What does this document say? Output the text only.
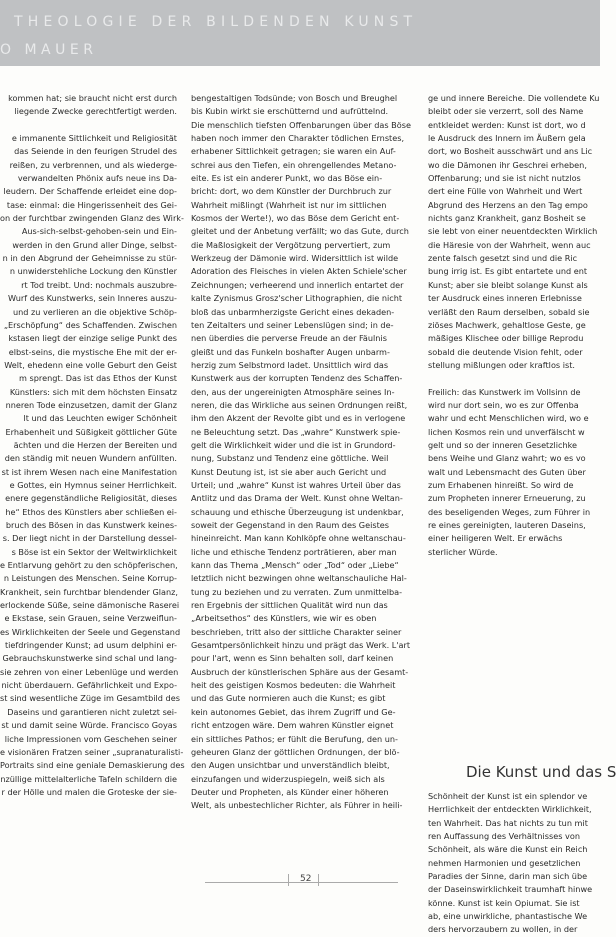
THEOLOGIE DER BILDENDEN KUNST
O MAUER
kommen hat; sie braucht nicht erst durch
liegende Zwecke gerechtfertigt werden.

e immanente Sittlichkeit und Religiosität
das Seiende in den feurigen Strudel des
reißen, zu verbrennen, und als wiederge-
verwandelten Phönix aufs neue ins Da-
leudern. Der Schaffende erleidet eine dop-
tase: einmal: die Hingerissenheit des Gei-
on der furchtbar zwingenden Glanz des Wirk-
Aus-sich-selbst-gehoben-sein und Ein-
werden in den Grund aller Dinge, selbst-
n in den Abgrund der Geheimnisse zu stür-
n unwiderstehliche Lockung den Künstler
rt Tod treibt. Und: nochmals auszubre-
Wurf des Kunstwerks, sein Inneres auszu-
und zu verlieren an die objektive Schöp-
„Erschöpfung“ des Schaffenden. Zwischen
kstasen liegt der einzige selige Punkt des
elbst-seins, die mystische Ehe mit der er-
Welt, ehedenn eine volle Geburt den Geist
m sprengt. Das ist das Ethos der Kunst
Künstlers: sich mit dem höchsten Einsatz
nneren Tode einzusetzen, damit der Glanz
lt und das Leuchten ewiger Schönheit
Erhabenheit und Süßigkeit göttlicher Güte
ächten und die Herzen der Bereiten und
den ständig mit neuen Wundern anfüllten.
st ist ihrem Wesen nach eine Manifestation
e Gottes, ein Hymnus seiner Herrlichkeit.
enere gegenständliche Religiosität, dieses
he“ Ethos des Künstlers aber schließen ei-
bruch des Bösen in das Kunstwerk keines-
s. Der liegt nicht in der Darstellung dessel-
s Böse ist ein Sektor der Weltwirklichkeit
e Entlarvung gehört zu den schöpferischen,
n Leistungen des Menschen. Seine Korrup-
Krankheit, sein furchtbar blendender Glanz,
erlockende Süße, seine dämonische Raserei
e Ekstase, sein Grauen, seine Verzweiflun-
es Wirklichkeiten der Seele und Gegenstand
tiefdringender Kunst; ad usum delphini er-
Gebrauchskunstwerke sind schal und lang-
sie zehren von einer Lebenlüge und werden
nicht überdauern. Gefährlichkeit und Expo-
st sind wesentliche Züge im Gesamtbild des
Daseins und garantieren nicht zuletzt sei-
st und damit seine Würde. Francisco Goyas
liche Impressionen vom Geschehen seiner
e visionären Fratzen seiner „supranaturalisti-
Portraits sind eine geniale Demaskierung des
nzüllige mittelalterliche Tafeln schildern die
r der Hölle und malen die Groteske der sie-
bengestaltigen Todsünde; von Bosch und Breughel
bis Kubin wirkt sie erschütternd und aufrüttelnd.
Die menschlich tiefsten Offenbarungen über das Böse
haben noch immer den Charakter tödlichen Ernstes,
erhabener Sittlichkeit getragen; sie waren ein Auf-
schrei aus den Tiefen, ein ohrengellendes Metano-
eite. Es ist ein anderer Punkt, wo das Böse ein-
bricht: dort, wo dem Künstler der Durchbruch zur
Wahrheit mißlingt (Wahrheit ist nur im sittlichen
Kosmos der Werte!), wo das Böse dem Gericht ent-
gleitet und der Anbetung verfällt; wo das Gute, durch
die Maßlosigkeit der Vergötzung pervertiert, zum
Werkzeug der Dämonie wird. Widersittlich ist wilde
Adoration des Fleisches in vielen Akten Schiele'scher
Zeichnungen; verheerend und innerlich entartet der
kalte Zynismus Grosz'scher Lithographien, die nicht
bloß das unbarmherzigste Gericht eines dekaden-
ten Zeitalters und seiner Lebenslügen sind; in de-
nen überdies die perverse Freude an der Fäulnis
gleißt und das Funkeln boshafter Augen unbarm-
herzig zum Selbstmord ladet. Unsittlich wird das
Kunstwerk aus der korrupten Tendenz des Schaffen-
den, aus der ungereinigten Atmosphäre seines In-
neren, die das Wirkliche aus seinen Ordnungen reißt,
ihm den Akzent der Revolte gibt und es in verlogene
ne Beleuchtung setzt. Das „wahre“ Kunstwerk spie-
gelt die Wirklichkeit wider und die ist in Grundord-
nung, Substanz und Tendenz eine göttliche. Weil
Kunst Deutung ist, ist sie aber auch Gericht und
Urteil; und „wahre“ Kunst ist wahres Urteil über das
Antlitz und das Drama der Welt. Kunst ohne Weltan-
schauung und ethische Überzeugung ist undenkbar,
soweit der Gegenstand in den Raum des Geistes
hineinreicht. Man kann Kohlköpfe ohne weltanschau-
liche und ethische Tendenz porträtieren, aber man
kann das Thema „Mensch“ oder „Tod“ oder „Liebe“
letztlich nicht bezwingen ohne weltanschauliche Hal-
tung zu beziehen und zu verraten. Zum unmittelba-
ren Ergebnis der sittlichen Qualität wird nun das
„Arbeitsethos“ des Künstlers, wie wir es oben
beschrieben, tritt also der sittliche Charakter seiner
Gesamtpersönlichkeit hinzu und prägt das Werk. L'art
pour l'art, wenn es Sinn behalten soll, darf keinen
Ausbruch der künstlerischen Sphäre aus der Gesamt-
heit des geistigen Kosmos bedeuten: die Wahrheit
und das Gute normieren auch die Kunst; es gibt
kein autonomes Gebiet, das ihrem Zugriff und Ge-
richt entzogen wäre. Dem wahren Künstler eignet
ein sittliches Pathos; er fühlt die Berufung, den un-
geheuren Glanz der göttlichen Ordnungen, der blö-
den Augen unsichtbar und unverständlich bleibt,
einzufangen und widerzuspiegeln, weiß sich als
Deuter und Propheten, als Künder einer höheren
Welt, als unbestechlicher Richter, als Führer in heili-
ge und innere Bereiche. Die vollendete Ku
bleibt oder sie verzerrt, soll des Name
entkleidet werden: Kunst ist dort, wo d
le Ausdruck des Innern im Äußern gela
dort, wo Bosheit ausschwärt und ans Lic
wo die Dämonen ihr Geschrei erheben,
Offenbarung; und sie ist nicht nutzlos
dert eine Fülle von Wahrheit und Wert
Abgrund des Herzens an den Tag empo
nichts ganz Krankheit, ganz Bosheit se
sie lebt von einer neuentdeckten Wirklich
die Häresie von der Wahrheit, wenn auc
zente falsch gesetzt sind und die Ric
bung irrig ist. Es gibt entartete und ent
Kunst; aber sie bleibt solange Kunst als
ter Ausdruck eines inneren Erlebnisse
verläßt den Raum derselben, sobald sie
ziöses Machwerk, gehaltlose Geste, ge
mäßiges Klischee oder billige Reprodu
sobald die deutende Vision fehlt, oder
stellung mißlungen oder kraftlos ist.

Freilich: das Kunstwerk im Vollsinn de
wird nur dort sein, wo es zur Offenba
wahr und echt Menschlichen wird, wo e
lichen Kosmos rein und unverfälscht w
gelt und so der inneren Gesetzlichke
bens Weihe und Glanz wahrt; wo es vo
walt und Lebensmacht des Guten über
zum Erhabenen hinreißt. So wird de
zum Propheten innerer Erneuerung, zu
des beseligenden Weges, zum Führer in
re eines gereinigten, lauteren Daseins,
einer heiligeren Welt. Er erwächs
sterlicher Würde.
Die Kunst und das S
Schönheit der Kunst ist ein splendor ve
Herrlichkeit der entdeckten Wirklichkeit,
ten Wahrheit. Das hat nichts zu tun mit
ren Auffassung des Verhältnisses von
Schönheit, als wäre die Kunst ein Reich
nehmen Harmonien und gesetzlichen
Paradies der Sinne, darin man sich übe
der Daseinswirklichkeit traumhaft hinwe
könne. Kunst ist kein Opiumat. Sie ist
ab, eine unwirkliche, phantastische We
ders hervorzaubern zu wollen, in der
52
